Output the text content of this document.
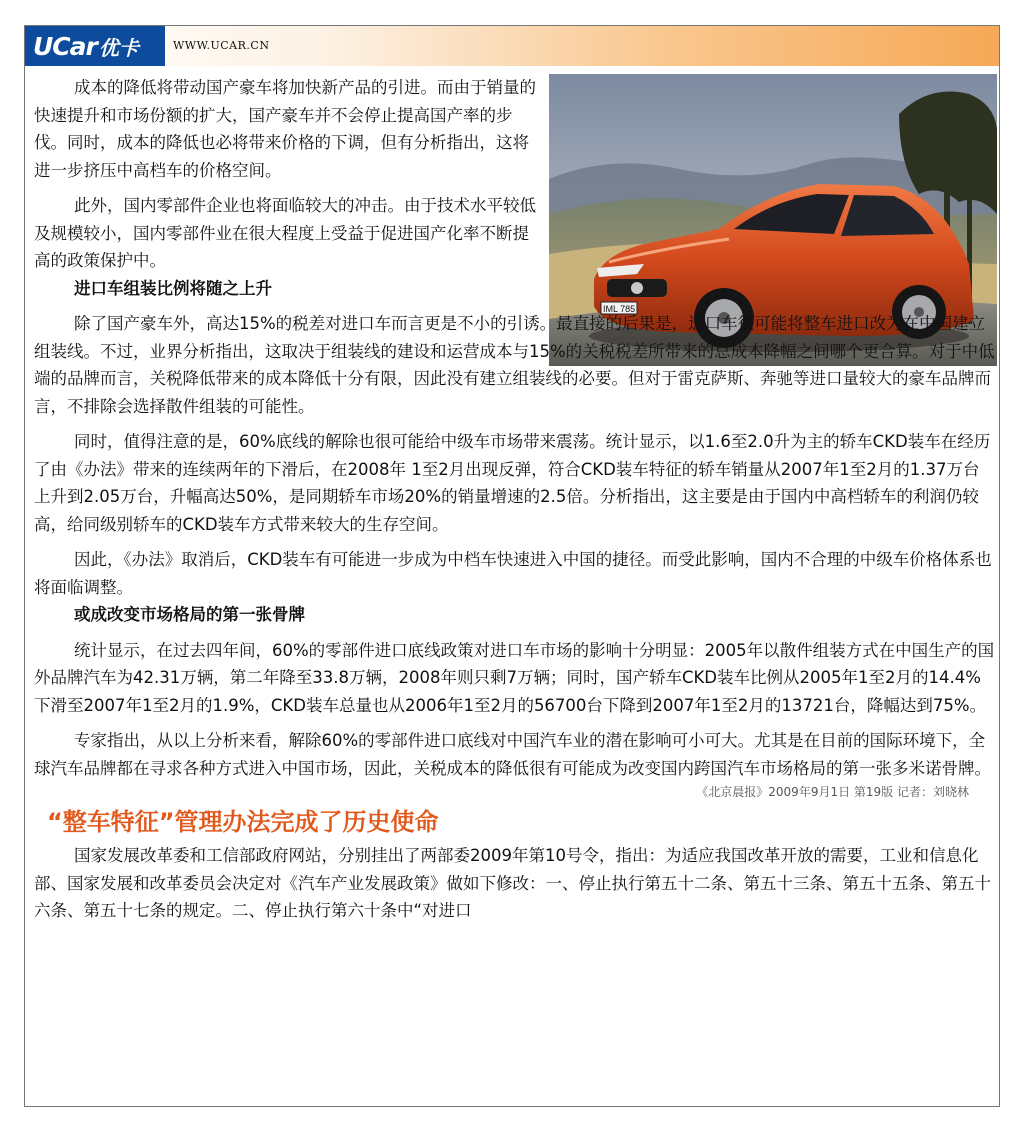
UCar 优卡	WWW.UCAR.CN
IML 785

成本的降低将带动国产豪车将加快新产品的引进。而由于销量的快速提升和市场份额的扩大，国产豪车并不会停止提高国产率的步伐。同时，成本的降低也必将带来价格的下调，但有分析指出，这将进一步挤压中高档车的价格空间。

此外，国内零部件企业也将面临较大的冲击。由于技术水平较低及规模较小，国内零部件业在很大程度上受益于促进国产化率不断提高的政策保护中。

进口车组装比例将随之上升

除了国产豪车外，高达15%的税差对进口车而言更是不小的引诱。最直接的后果是，进口车很可能将整车进口改为在中国建立组装线。不过，业界分析指出，这取决于组装线的建设和运营成本与15%的关税税差所带来的总成本降幅之间哪个更合算。对于中低端的品牌而言，关税降低带来的成本降低十分有限，因此没有建立组装线的必要。但对于雷克萨斯、奔驰等进口量较大的豪车品牌而言，不排除会选择散件组装的可能性。

同时，值得注意的是，60%底线的解除也很可能给中级车市场带来震荡。统计显示，以1.6至2.0升为主的轿车CKD装车在经历了由《办法》带来的连续两年的下滑后，在2008年 1至2月出现反弹，符合CKD装车特征的轿车销量从2007年1至2月的1.37万台上升到2.05万台，升幅高达50%，是同期轿车市场20%的销量增速的2.5倍。分析指出，这主要是由于国内中高档轿车的利润仍较高，给同级别轿车的CKD装车方式带来较大的生存空间。

因此，《办法》取消后，CKD装车有可能进一步成为中档车快速进入中国的捷径。而受此影响，国内不合理的中级车价格体系也将面临调整。

或成改变市场格局的第一张骨牌

统计显示，在过去四年间，60%的零部件进口底线政策对进口车市场的影响十分明显：2005年以散件组装方式在中国生产的国外品牌汽车为42.31万辆，第二年降至33.8万辆，2008年则只剩7万辆；同时，国产轿车CKD装车比例从2005年1至2月的14.4%下滑至2007年1至2月的1.9%，CKD装车总量也从2006年1至2月的56700台下降到2007年1至2月的13721台，降幅达到75%。

专家指出，从以上分析来看，解除60%的零部件进口底线对中国汽车业的潜在影响可小可大。尤其是在目前的国际环境下，全球汽车品牌都在寻求各种方式进入中国市场，因此，关税成本的降低很有可能成为改变国内跨国汽车市场格局的第一张多米诺骨牌。

《北京晨报》2009年9月1日 第19版 记者：刘晓林

“整车特征”管理办法完成了历史使命

国家发展改革委和工信部政府网站，分别挂出了两部委2009年第10号令，指出：为适应我国改革开放的需要，工业和信息化部、国家发展和改革委员会决定对《汽车产业发展政策》做如下修改：一、停止执行第五十二条、第五十三条、第五十五条、第五十六条、第五十七条的规定。二、停止执行第六十条中“对进口
